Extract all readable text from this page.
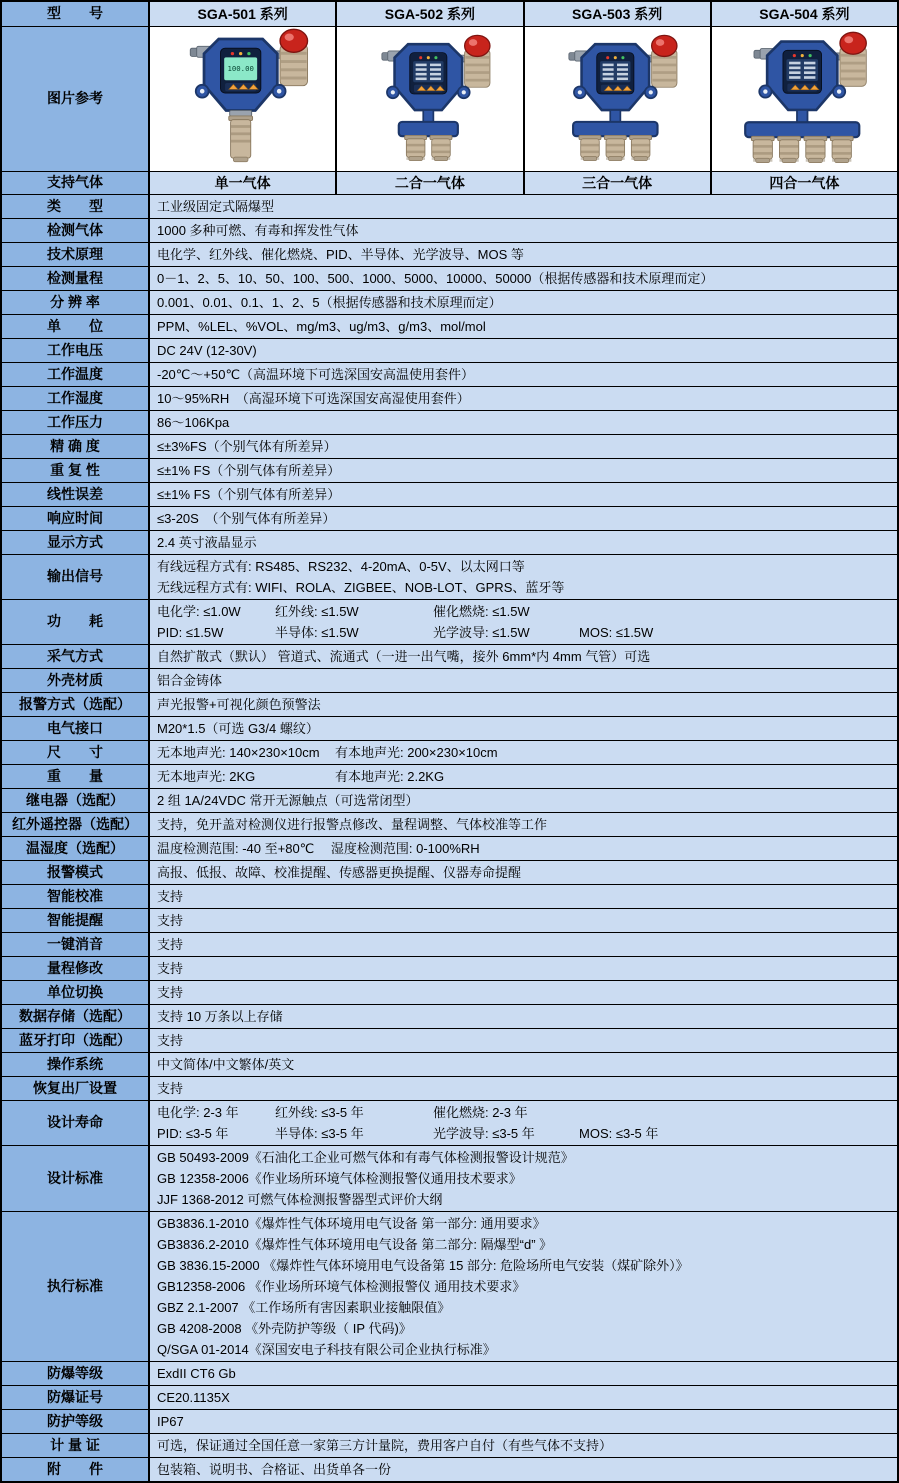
型　　号	SGA-501 系列	SGA-502 系列	SGA-503 系列	SGA-504 系列
图片参考
100.00
支持气体	单一气体	二合一气体	三合一气体	四合一气体
类　　型	工业级固定式隔爆型
检测气体	1000 多种可燃、有毒和挥发性气体
技术原理	电化学、红外线、催化燃烧、PID、半导体、光学波导、MOS 等
检测量程	0－1、2、5、10、50、100、500、1000、5000、10000、50000（根据传感器和技术原理而定）
分 辨 率	0.001、0.01、0.1、1、2、5（根据传感器和技术原理而定）
单　　位	PPM、%LEL、%VOL、mg/m3、ug/m3、g/m3、mol/mol
工作电压	DC 24V (12-30V)
工作温度	-20℃～+50℃（高温环境下可选深国安高温使用套件）
工作湿度	10～95%RH　（高湿环境下可选深国安高湿使用套件）
工作压力	86～106Kpa
精 确 度	≤±3%FS（个别气体有所差异）
重 复 性	≤±1% FS（个别气体有所差异）
线性误差	≤±1% FS（个别气体有所差异）
响应时间	≤3-20S　（个别气体有所差异）
显示方式	2.4 英寸液晶显示
输出信号
有线远程方式有: RS485、RS232、4-20mA、0-5V、以太网口等
无线远程方式有: WIFI、ROLA、ZIGBEE、NOB-LOT、GPRS、蓝牙等
功　　耗
电化学: ≤1.0W	红外线: ≤1.5W	催化燃烧: ≤1.5W
PID: ≤1.5W	半导体: ≤1.5W	光学波导: ≤1.5W	MOS: ≤1.5W
采气方式	自然扩散式（默认） 管道式、流通式（一进一出气嘴，接外 6mm*内 4mm 气管）可选
外壳材质	铝合金铸体
报警方式（选配）	声光报警+可视化颜色预警法
电气接口	M20*1.5（可选 G3/4 螺纹）
尺　　寸	无本地声光: 140×230×10cm 有本地声光: 200×230×10cm
重　　量	无本地声光: 2KG	有本地声光: 2.2KG
继电器（选配）	2 组 1A/24VDC 常开无源触点（可选常闭型）
红外遥控器（选配）	支持，免开盖对检测仪进行报警点修改、量程调整、气体校准等工作
温湿度（选配）	温度检测范围: -40 至+80℃　 湿度检测范围: 0-100%RH
报警模式	高报、低报、故障、校准提醒、传感器更换提醒、仪器寿命提醒
智能校准	支持
智能提醒	支持
一键消音	支持
量程修改	支持
单位切换	支持
数据存储（选配）	支持 10 万条以上存储
蓝牙打印（选配）	支持
操作系统	中文简体/中文繁体/英文
恢复出厂设置	支持
设计寿命
电化学: 2-3 年	红外线: ≤3-5 年	催化燃烧: 2-3 年
PID: ≤3-5 年	半导体: ≤3-5 年	光学波导: ≤3-5 年	MOS: ≤3-5 年
设计标准
GB 50493-2009《石油化工企业可燃气体和有毒气体检测报警设计规范》
GB 12358-2006《作业场所环境气体检测报警仪通用技术要求》
JJF 1368-2012 可燃气体检测报警器型式评价大纲
执行标准
GB3836.1-2010《爆炸性气体环境用电气设备 第一部分: 通用要求》
GB3836.2-2010《爆炸性气体环境用电气设备 第二部分: 隔爆型“d” 》
GB 3836.15-2000 《爆炸性气体环境用电气设备第 15 部分: 危险场所电气安装（煤矿除外）》
GB12358-2006 《作业场所环境气体检测报警仪 通用技术要求》
GBZ 2.1-2007 《工作场所有害因素职业接触限值》
GB 4208-2008 《外壳防护等级（ IP 代码)》
Q/SGA 01-2014《深国安电子科技有限公司企业执行标准》
防爆等级	ExdII CT6 Gb
防爆证号	CE20.1135X
防护等级	IP67
计 量 证	可选，保证通过全国任意一家第三方计量院，费用客户自付（有些气体不支持）
附　　件	包装箱、说明书、合格证、出货单各一份
